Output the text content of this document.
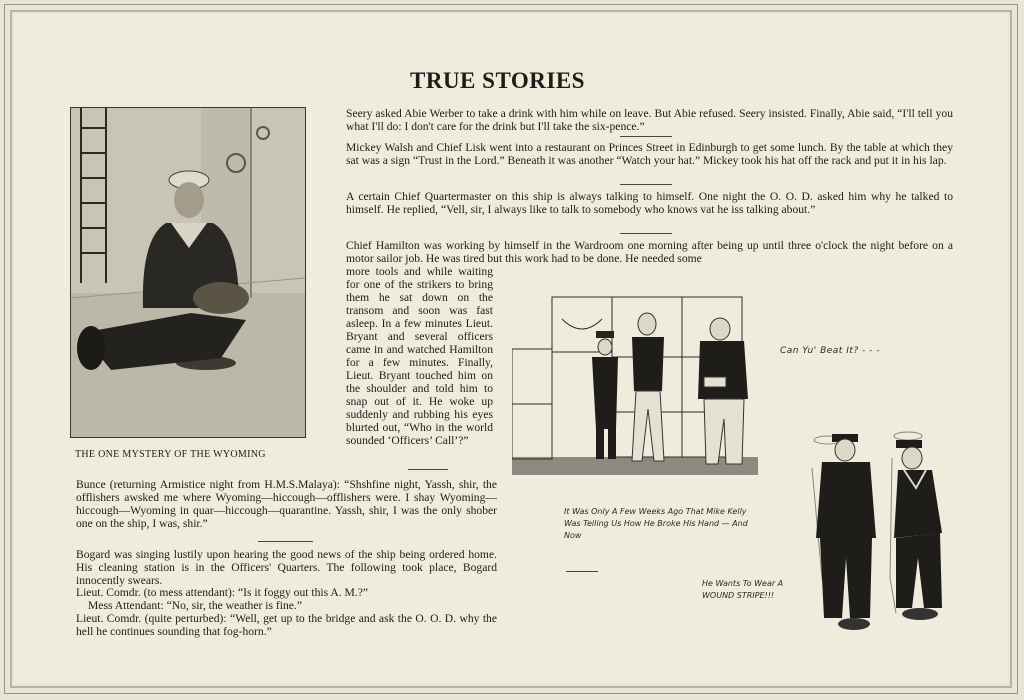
TRUE STORIES
THE ONE MYSTERY OF THE WYOMING

Seery asked Abie Werber to take a drink with him while on leave. But Abie refused. Seery insisted. Finally, Abie said, “I'll tell you what I'll do: I don't care for the drink but I'll take the six-pence.”

Mickey Walsh and Chief Lisk went into a restaurant on Princes Street in Edinburgh to get some lunch. By the table at which they sat was a sign “Trust in the Lord.” Beneath it was another “Watch your hat.” Mickey took his hat off the rack and put it in his lap.

A certain Chief Quartermaster on this ship is always talking to himself. One night the O. O. D. asked him why he talked to himself. He replied, “Vell, sir, I always like to talk to somebody who knows vat he iss talking about.”

Chief Hamilton was working by himself in the Wardroom one morning after being up until three o'clock the night before on a motor sailor job. He was tired but this work had to be done. He needed some

more tools and while waiting for one of the strikers to bring them he sat down on the transom and soon was fast asleep. In a few minutes Lieut. Bryant and several officers came in and watched Hamilton for a few minutes. Finally, Lieut. Bryant touched him on the shoulder and told him to snap out of it. He woke up suddenly and rubbing his eyes blurted out, “Who in the world sounded ‘Officers’ Call’?”

Bunce (returning Armistice night from H.M.S.Malaya): “Shshfine night, Yassh, shir, the offlishers awsked me where Wyoming—hiccough—offlishers were. I shay Wyoming—hiccough—Wyoming in quar—hiccough—quarantine. Yassh, shir, I was the only shober one on the ship, I was, shir.”

Bogard was singing lustily upon hearing the good news of the ship being ordered home. His cleaning station is in the Officers' Quarters. The following took place, Bogard innocently swears.

Lieut. Comdr. (to mess attendant): “Is it foggy out this A. M.?”

Mess Attendant: “No, sir, the weather is fine.”

Lieut. Comdr. (quite perturbed): “Well, get up to the bridge and ask the O. O. D. why the hell he continues sounding that fog-horn.”

It Was Only A Few Weeks Ago That Mike Kelly Was Telling Us How He Broke His Hand — And Now
Can Yu' Beat It? - - -
He Wants To Wear A WOUND STRIPE!!!
